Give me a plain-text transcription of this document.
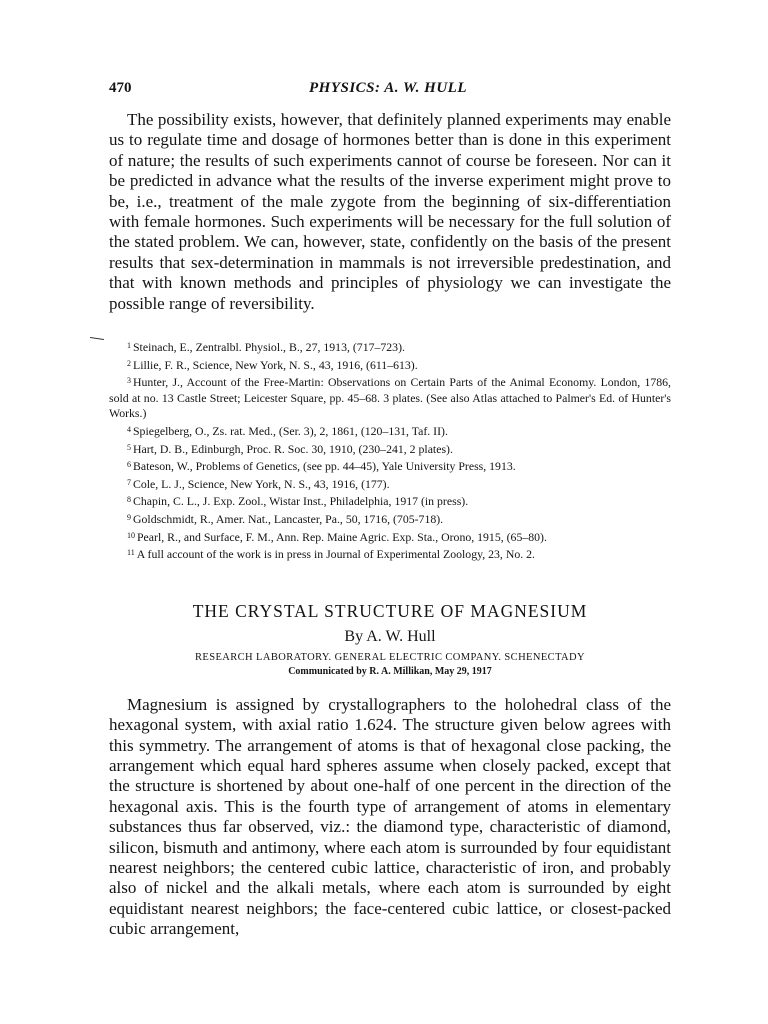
470	PHYSICS: A. W. HULL

The possibility exists, however, that definitely planned experiments may enable us to regulate time and dosage of hormones better than is done in this experiment of nature; the results of such experiments cannot of course be foreseen. Nor can it be predicted in advance what the results of the inverse experiment might prove to be, i.e., treatment of the male zygote from the beginning of six-differentiation with female hormones. Such experiments will be necessary for the full solution of the stated problem. We can, however, state, confidently on the basis of the present results that sex-determination in mammals is not irreversible predestination, and that with known methods and principles of physiology we can investigate the possible range of reversibility.

$^1$ Steinach, E., Zentralbl. Physiol., B., 27, 1913, (717–723).
$^2$ Lillie, F. R., Science, New York, N. S., 43, 1916, (611–613).
$^3$ Hunter, J., Account of the Free-Martin: Observations on Certain Parts of the Animal Economy. London, 1786, sold at no. 13 Castle Street; Leicester Square, pp. 45–68. 3 plates. (See also Atlas attached to Palmer's Ed. of Hunter's Works.)
$^4$ Spiegelberg, O., Zs. rat. Med., (Ser. 3), 2, 1861, (120–131, Taf. II).
$^5$ Hart, D. B., Edinburgh, Proc. R. Soc. 30, 1910, (230–241, 2 plates).
$^6$ Bateson, W., Problems of Genetics, (see pp. 44–45), Yale University Press, 1913.
$^7$ Cole, L. J., Science, New York, N. S., 43, 1916, (177).
$^8$ Chapin, C. L., J. Exp. Zool., Wistar Inst., Philadelphia, 1917 (in press).
$^9$ Goldschmidt, R., Amer. Nat., Lancaster, Pa., 50, 1716, (705-718).
$^{10}$ Pearl, R., and Surface, F. M., Ann. Rep. Maine Agric. Exp. Sta., Orono, 1915, (65–80).
$^{11}$ A full account of the work is in press in Journal of Experimental Zoology, 23, No. 2.
THE CRYSTAL STRUCTURE OF MAGNESIUM
By A. W. Hull
RESEARCH LABORATORY. GENERAL ELECTRIC COMPANY. SCHENECTADY
Communicated by R. A. Millikan, May 29, 1917

Magnesium is assigned by crystallographers to the holohedral class of the hexagonal system, with axial ratio 1.624. The structure given below agrees with this symmetry. The arrangement of atoms is that of hexagonal close packing, the arrangement which equal hard spheres assume when closely packed, except that the structure is shortened by about one-half of one percent in the direction of the hexagonal axis. This is the fourth type of arrangement of atoms in elementary substances thus far observed, viz.: the diamond type, characteristic of diamond, silicon, bismuth and antimony, where each atom is surrounded by four equidistant nearest neighbors; the centered cubic lattice, characteristic of iron, and probably also of nickel and the alkali metals, where each atom is surrounded by eight equidistant nearest neighbors; the face-centered cubic lattice, or closest-packed cubic arrangement,
